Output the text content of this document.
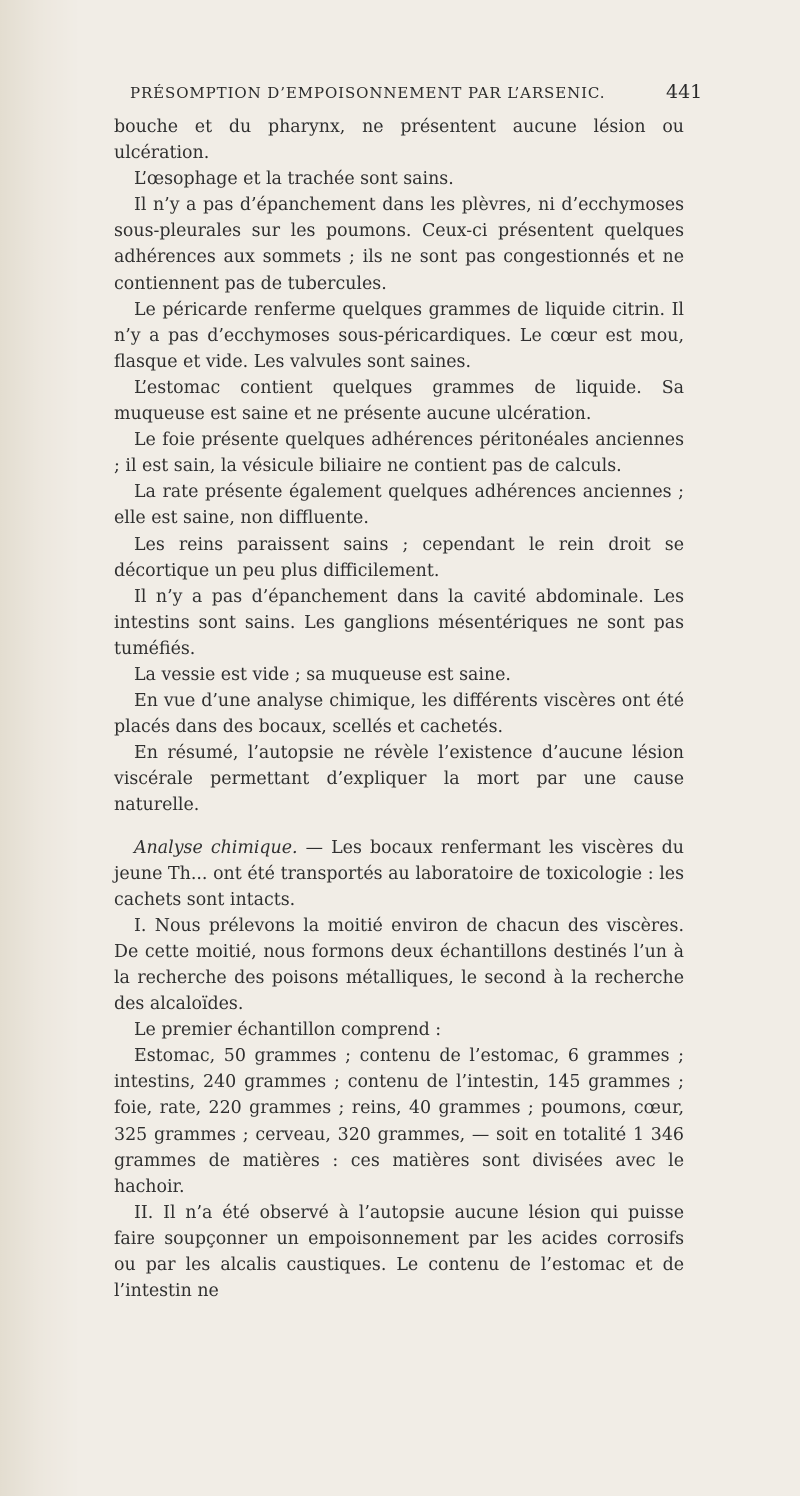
PRÉSOMPTION D’EMPOISONNEMENT PAR L’ARSENIC.	441

bouche et du pharynx, ne présentent aucune lésion ou ulcération.

L’œsophage et la trachée sont sains.

Il n’y a pas d’épanchement dans les plèvres, ni d’ecchymoses sous-pleurales sur les poumons. Ceux-ci présentent quelques adhérences aux sommets ; ils ne sont pas congestionnés et ne contiennent pas de tubercules.

Le péricarde renferme quelques grammes de liquide citrin. Il n’y a pas d’ecchymoses sous-péricardiques. Le cœur est mou, flasque et vide. Les valvules sont saines.

L’estomac contient quelques grammes de liquide. Sa muqueuse est saine et ne présente aucune ulcération.

Le foie présente quelques adhérences péritonéales anciennes ; il est sain, la vésicule biliaire ne contient pas de calculs.

La rate présente également quelques adhérences anciennes ; elle est saine, non diffluente.

Les reins paraissent sains ; cependant le rein droit se décortique un peu plus difficilement.

Il n’y a pas d’épanchement dans la cavité abdominale. Les intestins sont sains. Les ganglions mésentériques ne sont pas tuméfiés.

La vessie est vide ; sa muqueuse est saine.

En vue d’une analyse chimique, les différents viscères ont été placés dans des bocaux, scellés et cachetés.

En résumé, l’autopsie ne révèle l’existence d’aucune lésion viscérale permettant d’expliquer la mort par une cause naturelle.

Analyse chimique. — Les bocaux renfermant les viscères du jeune Th... ont été transportés au laboratoire de toxicologie : les cachets sont intacts.

I. Nous prélevons la moitié environ de chacun des viscères. De cette moitié, nous formons deux échantillons destinés l’un à la recherche des poisons métalliques, le second à la recherche des alcaloïdes.

Le premier échantillon comprend :

Estomac, 50 grammes ; contenu de l’estomac, 6 grammes ; intestins, 240 grammes ; contenu de l’intestin, 145 grammes ; foie, rate, 220 grammes ; reins, 40 grammes ; poumons, cœur, 325 grammes ; cerveau, 320 grammes, — soit en totalité 1 346 grammes de matières : ces matières sont divisées avec le hachoir.

II. Il n’a été observé à l’autopsie aucune lésion qui puisse faire soupçonner un empoisonnement par les acides corrosifs ou par les alcalis caustiques. Le contenu de l’estomac et de l’intestin ne
